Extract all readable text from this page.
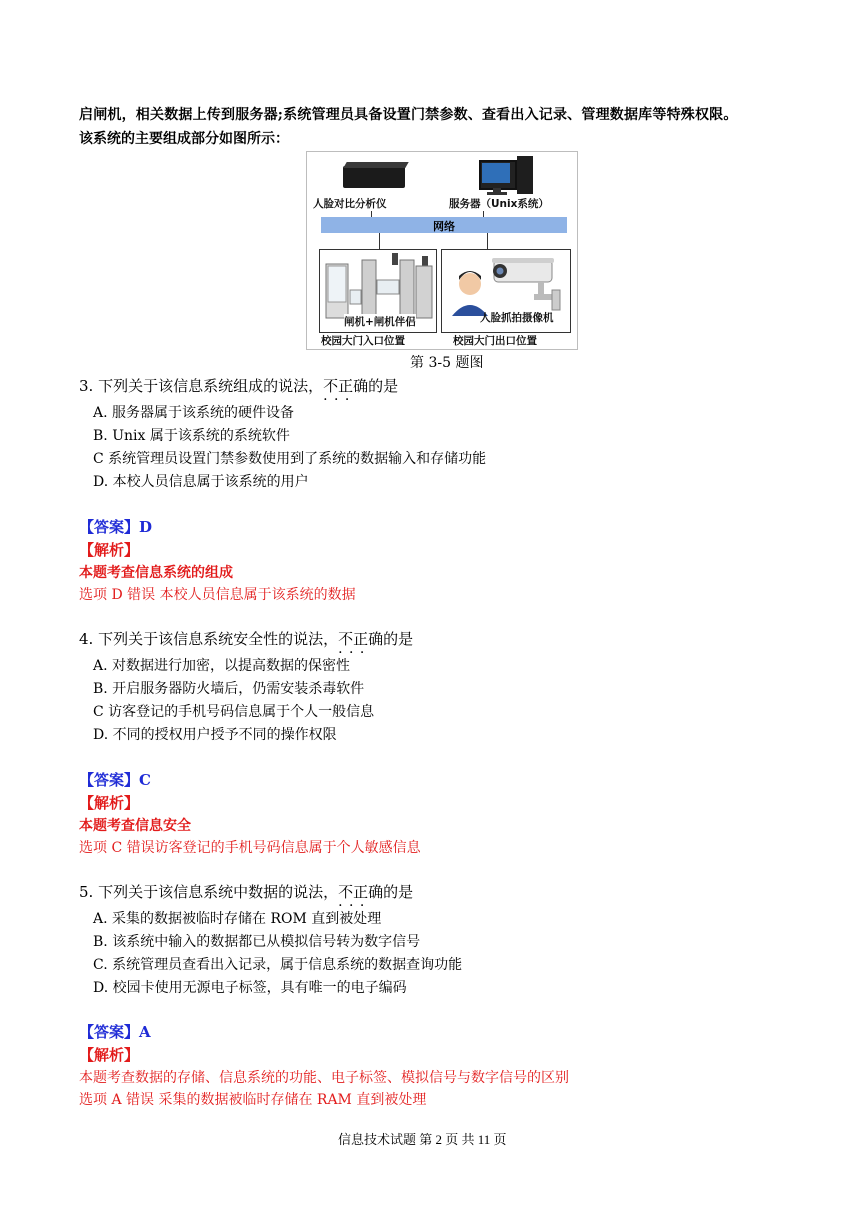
启闸机，相关数据上传到服务器;系统管理员具备设置门禁参数、查看出入记录、管理数据库等特殊权限。
该系统的主要组成部分如图所示：
人脸对比分析仪	服务器（Unix系统）
网络
闸机+闸机伴侣
校园大门入口位置
人脸抓拍摄像机
校园大门出口位置
第 3-5 题图
3. 下列关于该信息系统组成的说法，不正确 · · ·的是
A. 服务器属于该系统的硬件设备
B. Unix 属于该系统的系统软件
C 系统管理员设置门禁参数使用到了系统的数据输入和存储功能
D. 本校人员信息属于该系统的用户
【答案】D
【解析】
本题考查信息系统的组成
选项 D 错误 本校人员信息属于该系统的数据
4. 下列关于该信息系统安全性的说法，不正确 · · ·的是
A. 对数据进行加密，以提高数据的保密性
B. 开启服务器防火墙后，仍需安装杀毒软件
C 访客登记的手机号码信息属于个人一般信息
D. 不同的授权用户授予不同的操作权限
【答案】C
【解析】
本题考查信息安全
选项 C 错误访客登记的手机号码信息属于个人敏感信息
5. 下列关于该信息系统中数据的说法，不正确 · · ·的是
A. 采集的数据被临时存储在 ROM 直到被处理
B. 该系统中输入的数据都已从模拟信号转为数字信号
C. 系统管理员查看出入记录，属于信息系统的数据查询功能
D. 校园卡使用无源电子标签，具有唯一的电子编码
【答案】A
【解析】
本题考查数据的存储、信息系统的功能、电子标签、模拟信号与数字信号的区别
选项 A 错误 采集的数据被临时存储在 RAM 直到被处理
信息技术试题 第 2 页 共 11 页
